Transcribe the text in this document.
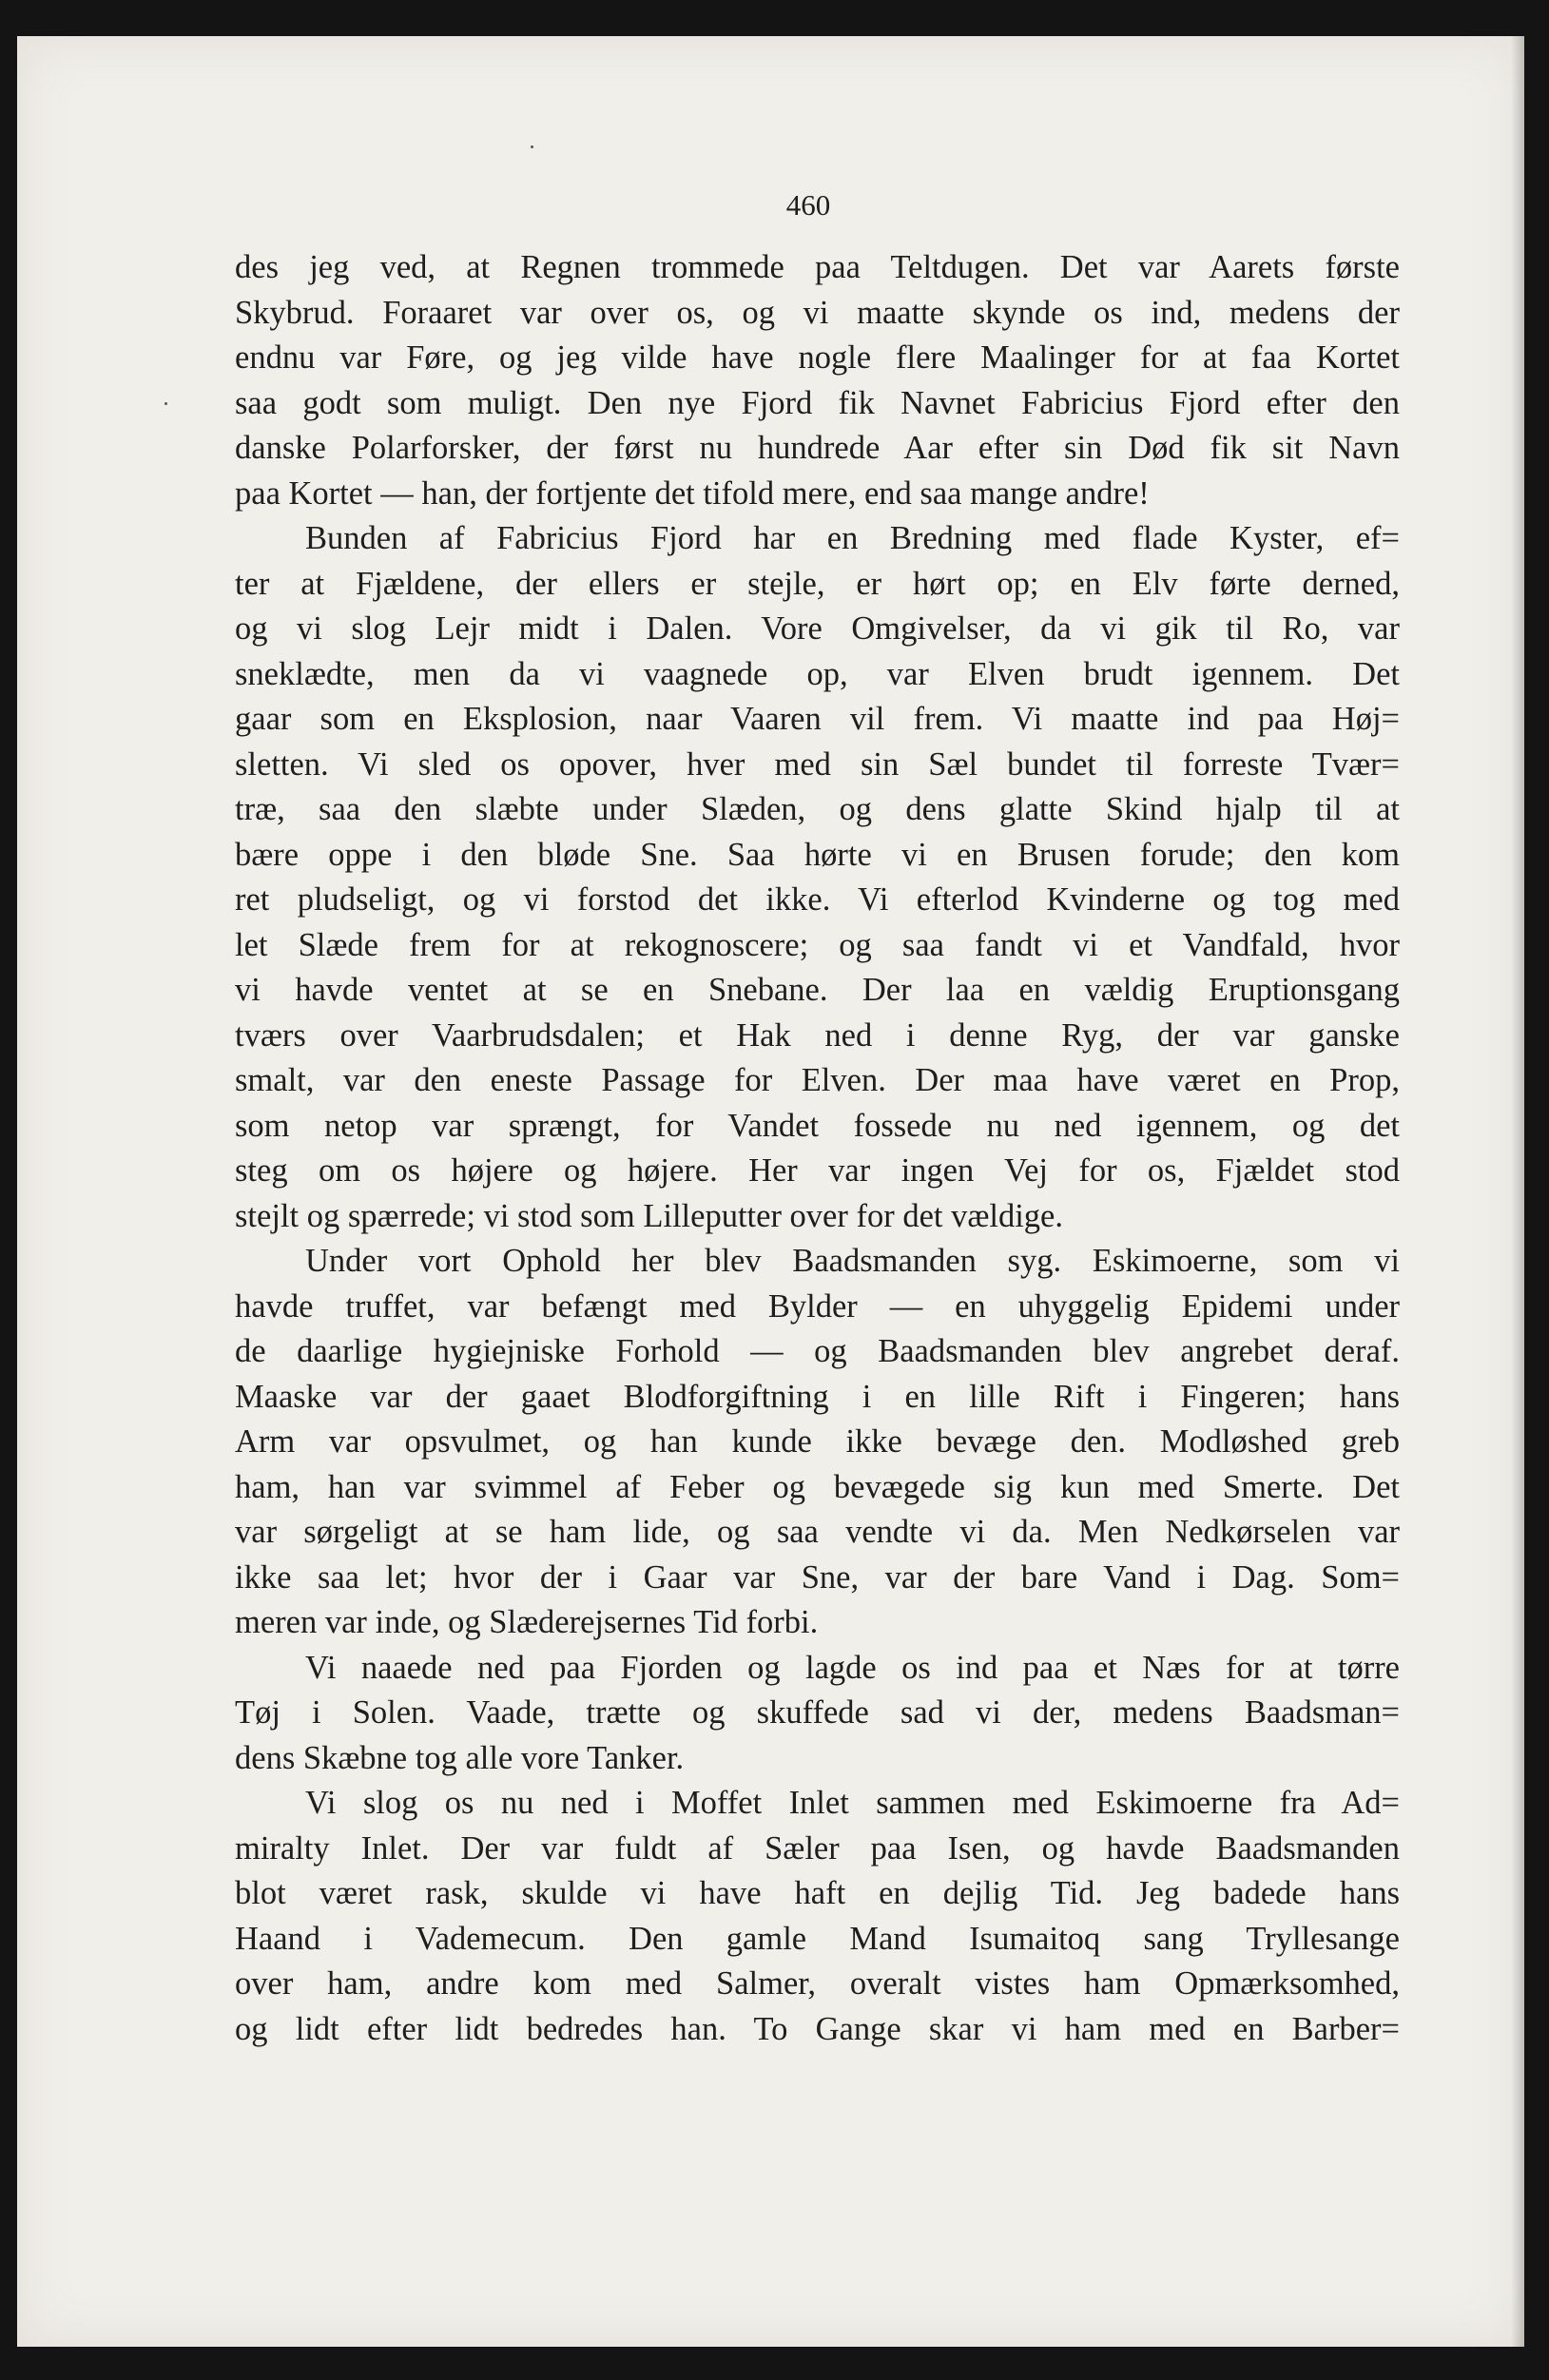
460

des jeg ved, at Regnen trommede paa Teltdugen. Det var Aarets første
Skybrud. Foraaret var over os, og vi maatte skynde os ind, medens der
endnu var Føre, og jeg vilde have nogle flere Maalinger for at faa Kortet
saa godt som muligt. Den nye Fjord fik Navnet Fabricius Fjord efter den
danske Polarforsker, der først nu hundrede Aar efter sin Død fik sit Navn
paa Kortet — han, der fortjente det tifold mere, end saa mange andre!

Bunden af Fabricius Fjord har en Bredning med flade Kyster, ef=
ter at Fjældene, der ellers er stejle, er hørt op; en Elv førte derned,
og vi slog Lejr midt i Dalen. Vore Omgivelser, da vi gik til Ro, var
sneklædte, men da vi vaagnede op, var Elven brudt igennem. Det
gaar som en Eksplosion, naar Vaaren vil frem. Vi maatte ind paa Høj=
sletten. Vi sled os opover, hver med sin Sæl bundet til forreste Tvær=
træ, saa den slæbte under Slæden, og dens glatte Skind hjalp til at
bære oppe i den bløde Sne. Saa hørte vi en Brusen forude; den kom
ret pludseligt, og vi forstod det ikke. Vi efterlod Kvinderne og tog med
let Slæde frem for at rekognoscere; og saa fandt vi et Vandfald, hvor
vi havde ventet at se en Snebane. Der laa en vældig Eruptionsgang
tværs over Vaarbrudsdalen; et Hak ned i denne Ryg, der var ganske
smalt, var den eneste Passage for Elven. Der maa have været en Prop,
som netop var sprængt, for Vandet fossede nu ned igennem, og det
steg om os højere og højere. Her var ingen Vej for os, Fjældet stod
stejlt og spærrede; vi stod som Lilleputter over for det vældige.

Under vort Ophold her blev Baadsmanden syg. Eskimoerne, som vi
havde truffet, var befængt med Bylder — en uhyggelig Epidemi under
de daarlige hygiejniske Forhold — og Baadsmanden blev angrebet deraf.
Maaske var der gaaet Blodforgiftning i en lille Rift i Fingeren; hans
Arm var opsvulmet, og han kunde ikke bevæge den. Modløshed greb
ham, han var svimmel af Feber og bevægede sig kun med Smerte. Det
var sørgeligt at se ham lide, og saa vendte vi da. Men Nedkørselen var
ikke saa let; hvor der i Gaar var Sne, var der bare Vand i Dag. Som=
meren var inde, og Slæderejsernes Tid forbi.

Vi naaede ned paa Fjorden og lagde os ind paa et Næs for at tørre
Tøj i Solen. Vaade, trætte og skuffede sad vi der, medens Baadsman=
dens Skæbne tog alle vore Tanker.

Vi slog os nu ned i Moffet Inlet sammen med Eskimoerne fra Ad=
miralty Inlet. Der var fuldt af Sæler paa Isen, og havde Baadsmanden
blot været rask, skulde vi have haft en dejlig Tid. Jeg badede hans
Haand i Vademecum. Den gamle Mand Isumaitoq sang Tryllesange
over ham, andre kom med Salmer, overalt vistes ham Opmærksomhed,
og lidt efter lidt bedredes han. To Gange skar vi ham med en Barber=
